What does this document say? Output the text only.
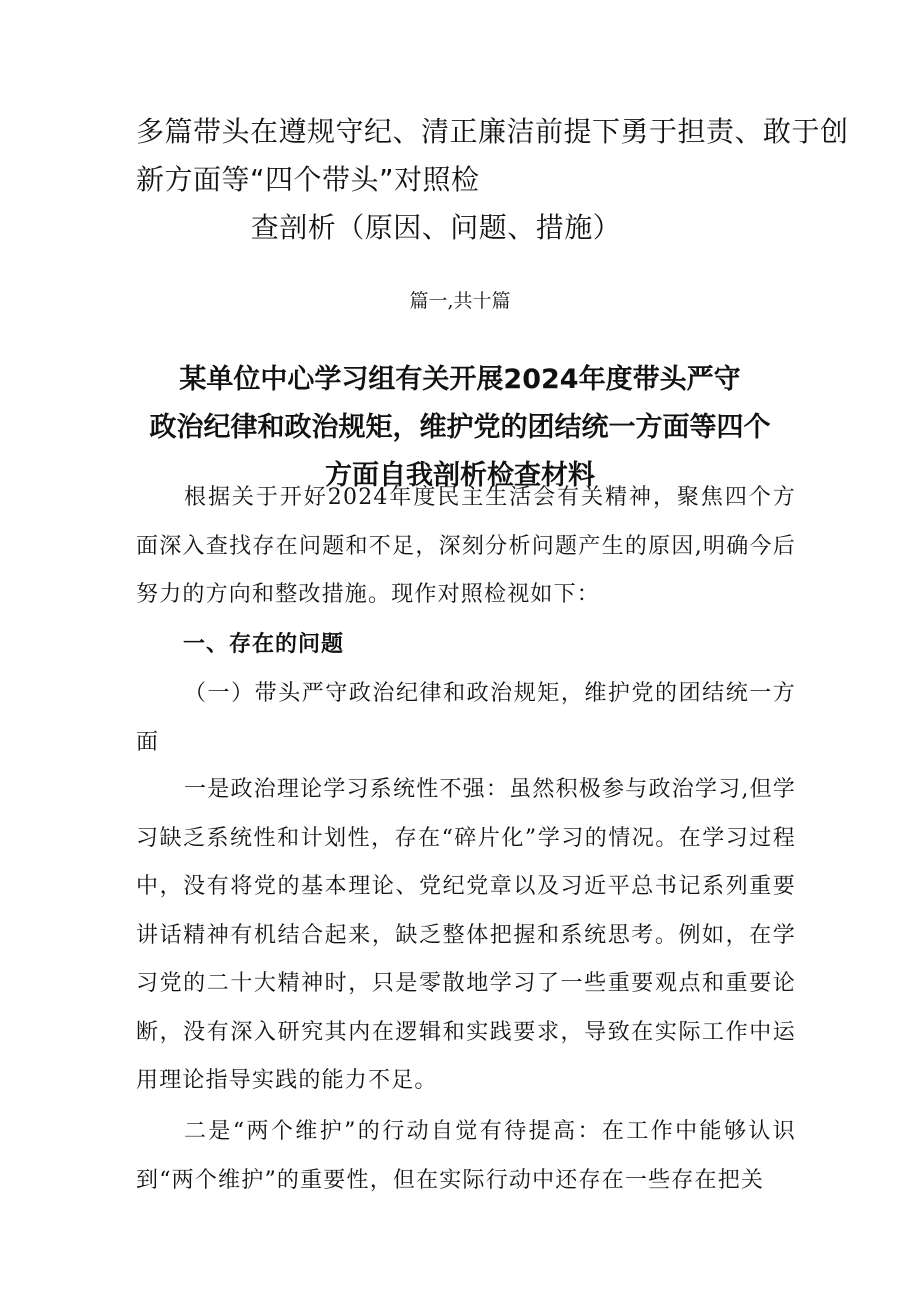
多篇带头在遵规守纪、清正廉洁前提下勇于担责、敢于创
新方面等“四个带头”对照检
查剖析（原因、问题、措施）
篇一,共十篇
某单位中心学习组有关开展2024年度带头严守
政治纪律和政治规矩，维护党的团结统一方面等四个
方面自我剖析检查材料

根据关于开好2024年度民主生活会有关精神，聚焦四个方面深入查找存在问题和不足，深刻分析问题产生的原因,明确今后努力的方向和整改措施。现作对照检视如下：

一、存在的问题

（一）带头严守政治纪律和政治规矩，维护党的团结统一方面

一是政治理论学习系统性不强：虽然积极参与政治学习,但学习缺乏系统性和计划性，存在“碎片化”学习的情况。在学习过程中，没有将党的基本理论、党纪党章以及习近平总书记系列重要讲话精神有机结合起来，缺乏整体把握和系统思考。例如，在学习党的二十大精神时，只是零散地学习了一些重要观点和重要论断，没有深入研究其内在逻辑和实践要求，导致在实际工作中运用理论指导实践的能力不足。

二是“两个维护”的行动自觉有待提高：在工作中能够认识到“两个维护”的重要性，但在实际行动中还存在一些存在把关
